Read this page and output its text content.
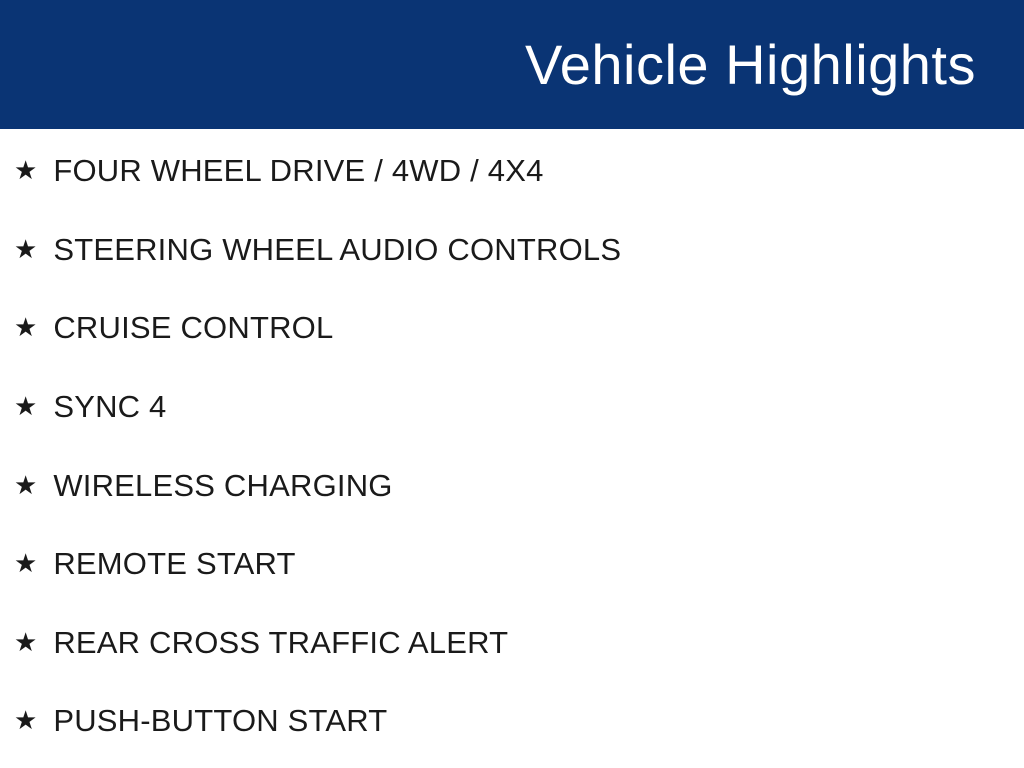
Vehicle Highlights
★ FOUR WHEEL DRIVE / 4WD / 4X4
★ STEERING WHEEL AUDIO CONTROLS
★ CRUISE CONTROL
★ SYNC 4
★ WIRELESS CHARGING
★ REMOTE START
★ REAR CROSS TRAFFIC ALERT
★ PUSH-BUTTON START
